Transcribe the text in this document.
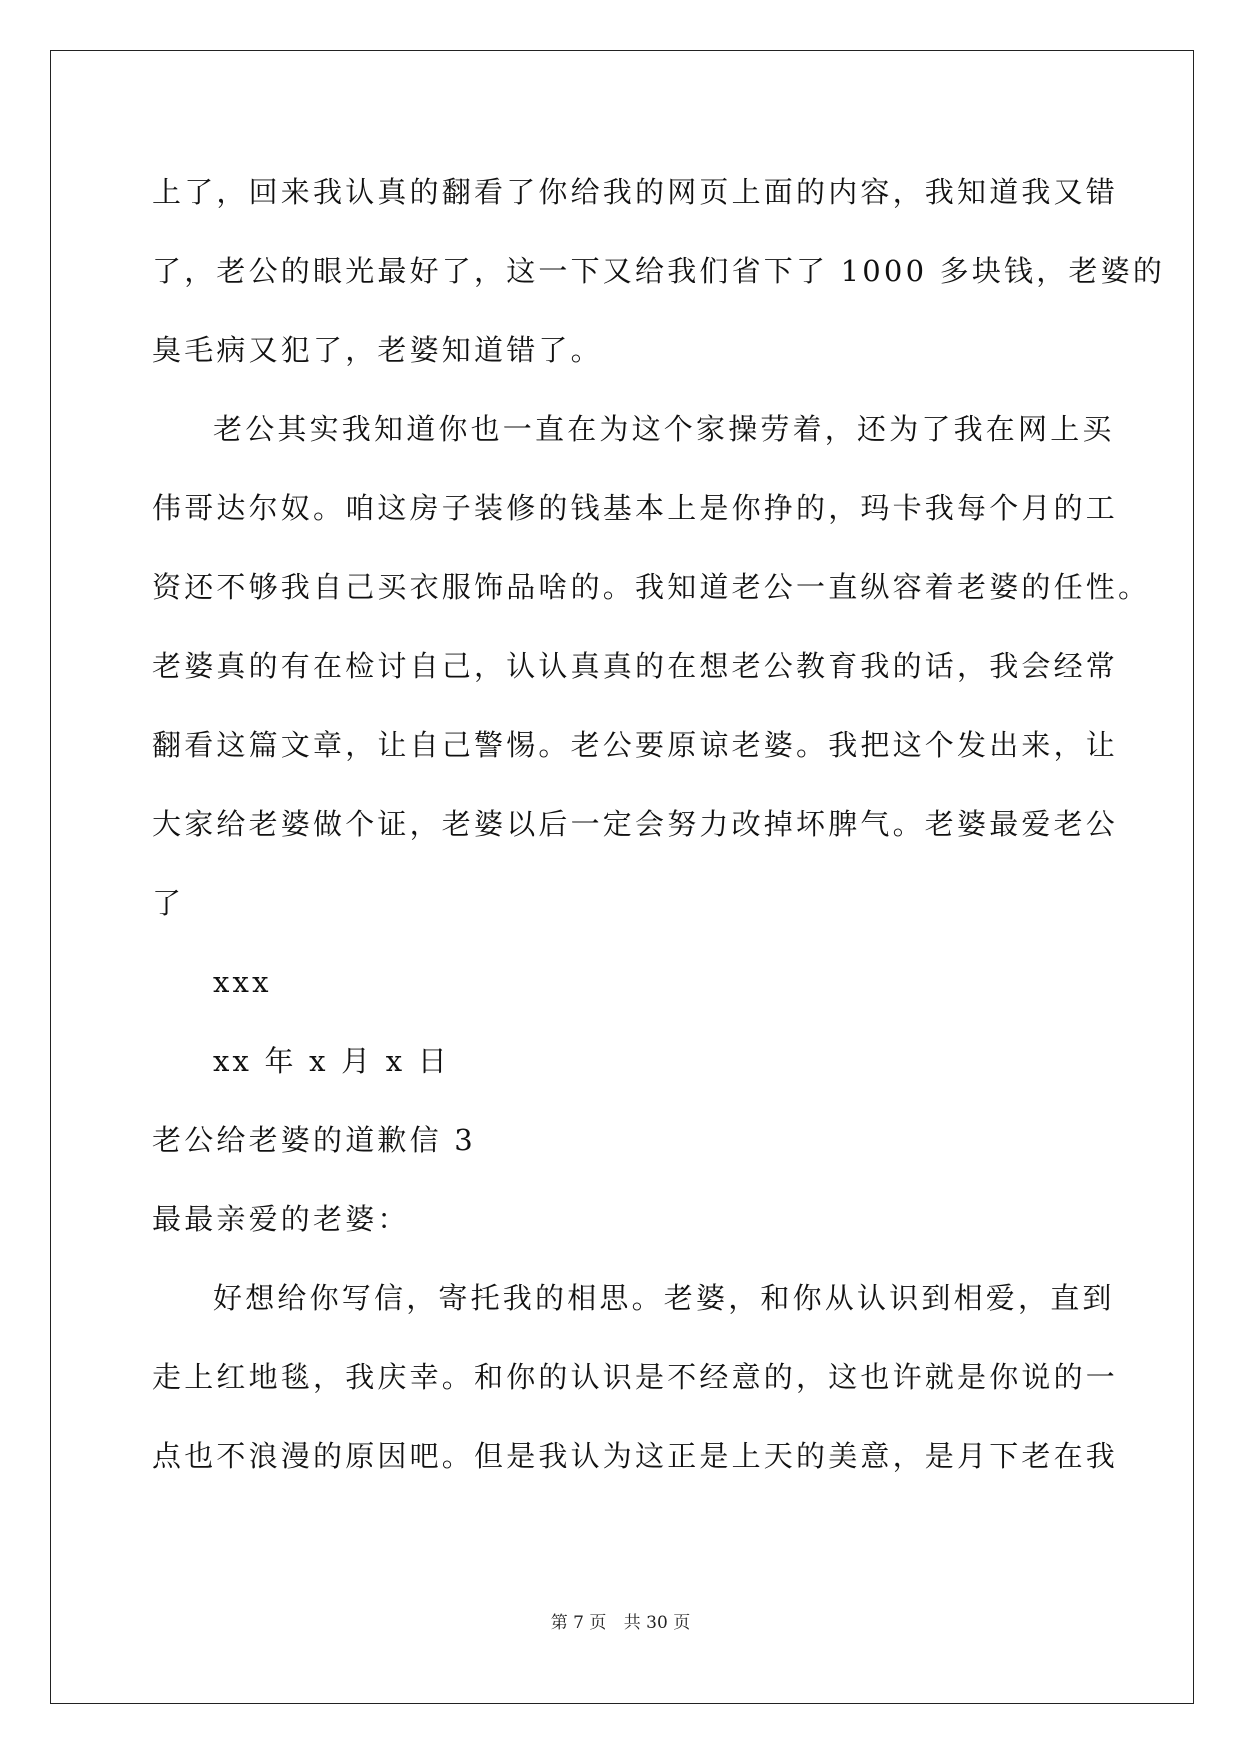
上了，回来我认真的翻看了你给我的网页上面的内容，我知道我又错
了，老公的眼光最好了，这一下又给我们省下了 1000 多块钱，老婆的
臭毛病又犯了，老婆知道错了。
老公其实我知道你也一直在为这个家操劳着，还为了我在网上买
伟哥达尔奴。咱这房子装修的钱基本上是你挣的，玛卡我每个月的工
资还不够我自己买衣服饰品啥的。我知道老公一直纵容着老婆的任性。
老婆真的有在检讨自己，认认真真的在想老公教育我的话，我会经常
翻看这篇文章，让自己警惕。老公要原谅老婆。我把这个发出来，让
大家给老婆做个证，老婆以后一定会努力改掉坏脾气。老婆最爱老公
了
xxx
xx 年 x 月 x 日
老公给老婆的道歉信 3
最最亲爱的老婆：
好想给你写信，寄托我的相思。老婆，和你从认识到相爱，直到
走上红地毯，我庆幸。和你的认识是不经意的，这也许就是你说的一
点也不浪漫的原因吧。但是我认为这正是上天的美意，是月下老在我
第 7 页 共 30 页
